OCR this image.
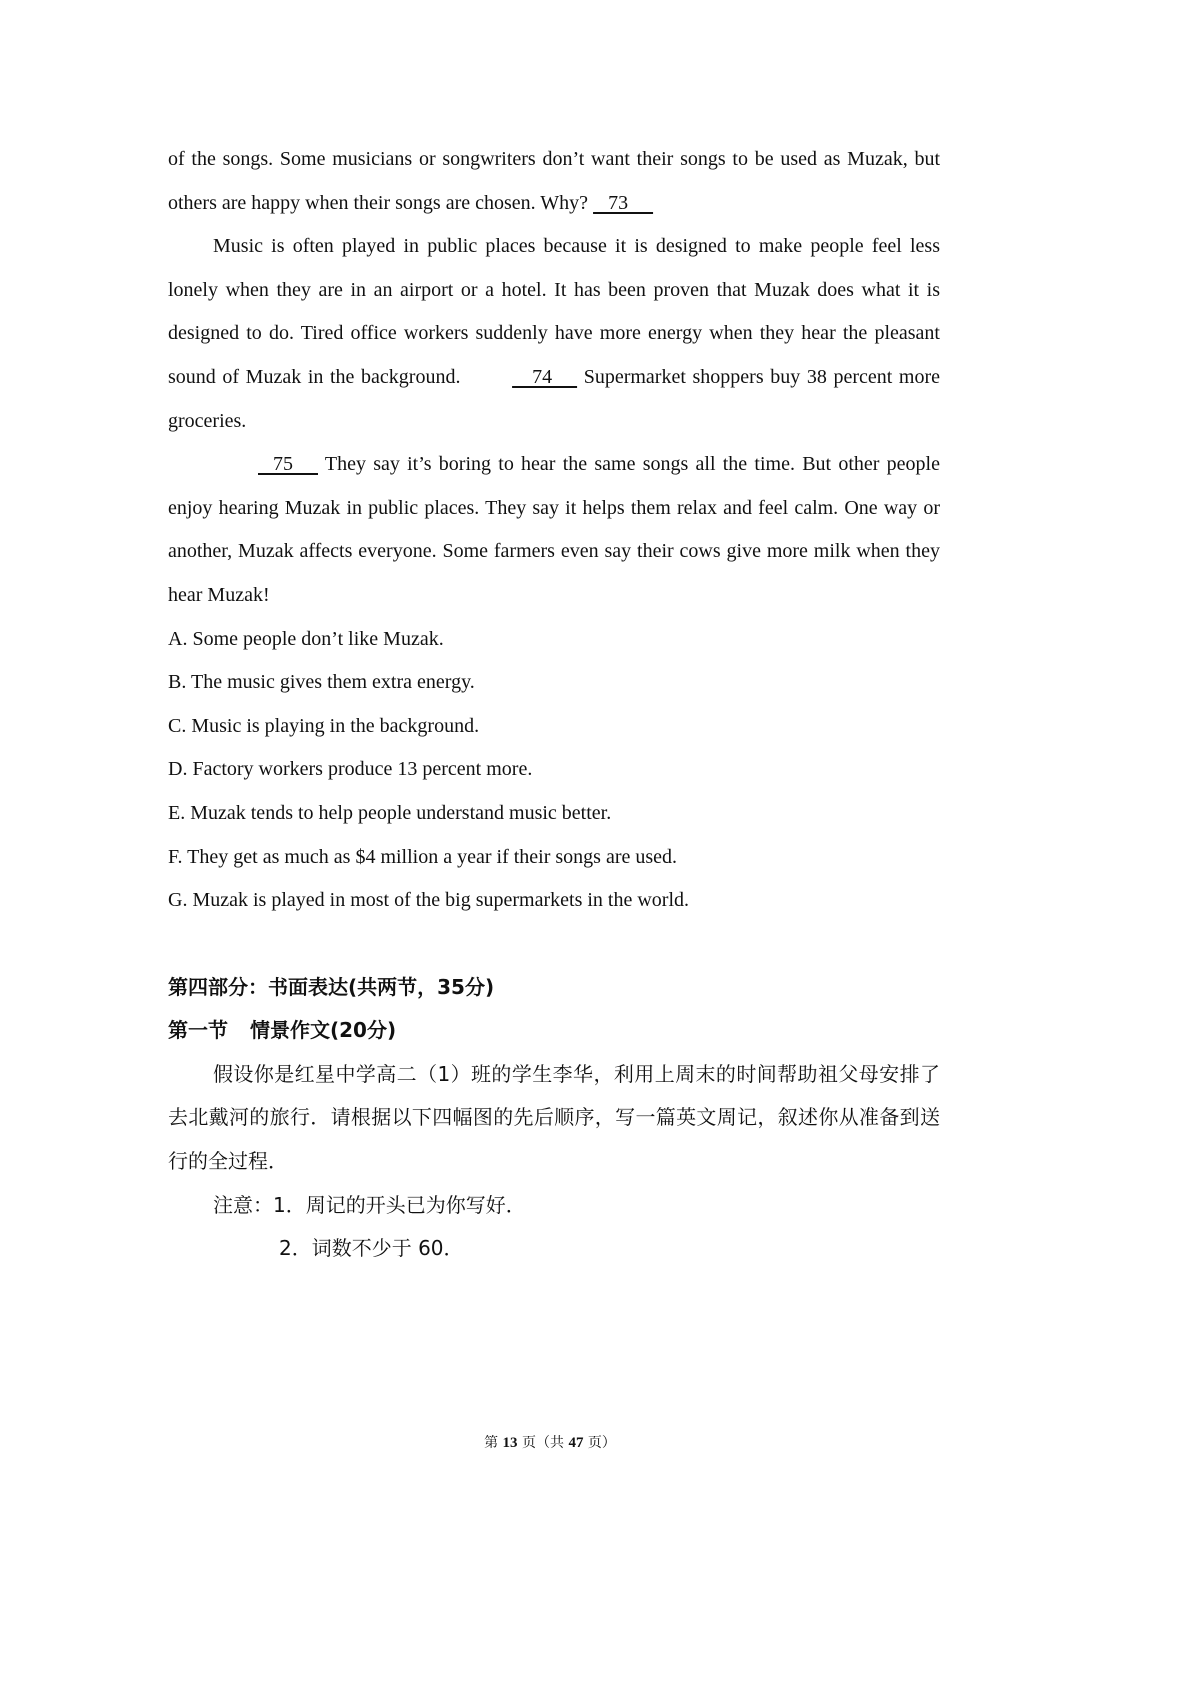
of the songs. Some musicians or songwriters don’t want their songs to be used as Muzak, but others are happy when their songs are chosen. Why?    73

Music is often played in public places because it is designed to make people feel less lonely when they are in an airport or a hotel. It has been proven that Muzak does what it is designed to do. Tired office workers suddenly have more energy when they hear the pleasant sound of Muzak in the background.     74      Supermarket shoppers buy 38 percent more groceries.

75      They say it’s boring to hear the same songs all the time. But other people enjoy hearing Muzak in public places. They say it helps them relax and feel calm. One way or another, Muzak affects everyone. Some farmers even say their cows give more milk when they hear Muzak!

A. Some people don’t like Muzak.
B. The music gives them extra energy.
C. Music is playing in the background.
D. Factory workers produce 13 percent more.
E. Muzak tends to help people understand music better.
F. They get as much as $4 million a year if their songs are used.
G. Muzak is played in most of the big supermarkets in the world.

第四部分：书面表达(共两节，35分)

第一节 情景作文(20分)

假设你是红星中学高二（1）班的学生李华，利用上周末的时间帮助祖父母安排了去北戴河的旅行．请根据以下四幅图的先后顺序，写一篇英文周记，叙述你从准备到送行的全过程．

注意：1．周记的开头已为你写好．

2．词数不少于 60．

第 13 页（共 47 页）
